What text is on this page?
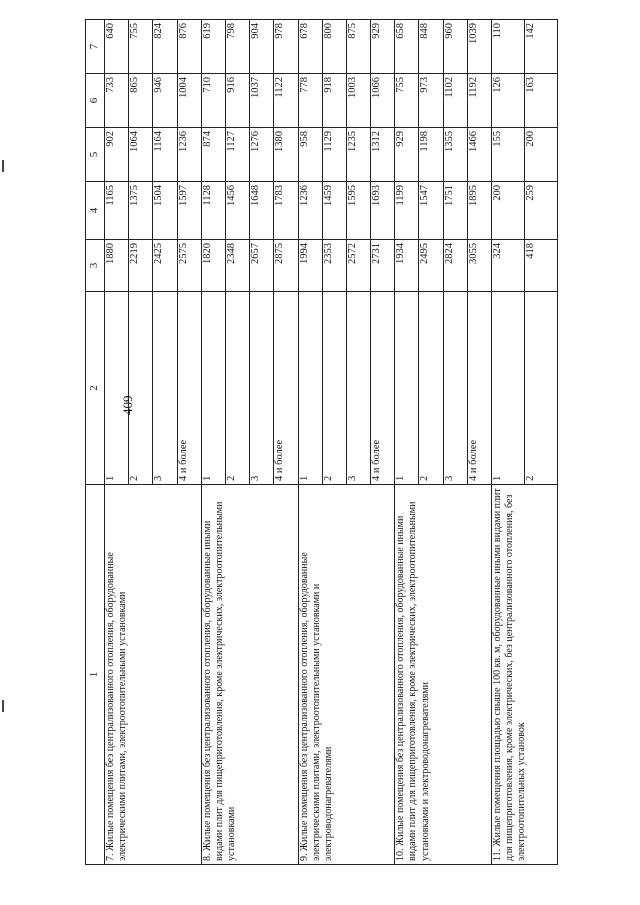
409
1	2	3	4	5	6	7
7. Жилые помещения без централизованного отопления, оборудованные электрическими плитами, электроотопительными установками	1	1880	1165	902	733	640
	2	2219	1375	1064	865	755
	3	2425	1504	1164	946	824
	4 и более	2575	1597	1236	1004	876
8. Жилые помещения без централизованного отопления, оборудованные иными видами плит для пищеприготовления, кроме электрических, электроотопительными установками	1	1820	1128	874	710	619
	2	2348	1456	1127	916	798
	3	2657	1648	1276	1037	904
	4 и более	2875	1783	1380	1122	978
9. Жилые помещения без централизованного отопления, оборудованные электрическими плитами, электроотопительными установками и электроводонагревателями	1	1994	1236	958	778	678
	2	2353	1459	1129	918	800
	3	2572	1595	1235	1003	875
	4 и более	2731	1693	1312	1066	929
10. Жилые помещения без централизованного отопления, оборудованные иными видами плит для пищеприготовления, кроме электрических, электроотопительными установками и электроводонагревателями	1	1934	1199	929	755	658
	2	2495	1547	1198	973	848
	3	2824	1751	1355	1102	960
	4 и более	3055	1895	1466	1192	1039
11. Жилые помещения площадью свыше 100 кв. м, оборудованные иными видами плит для пищеприготовления, кроме электрических, без централизованного отопления, без электроотопительных установок	1	324	200	155	126	110
	2	418	259	200	163	142
